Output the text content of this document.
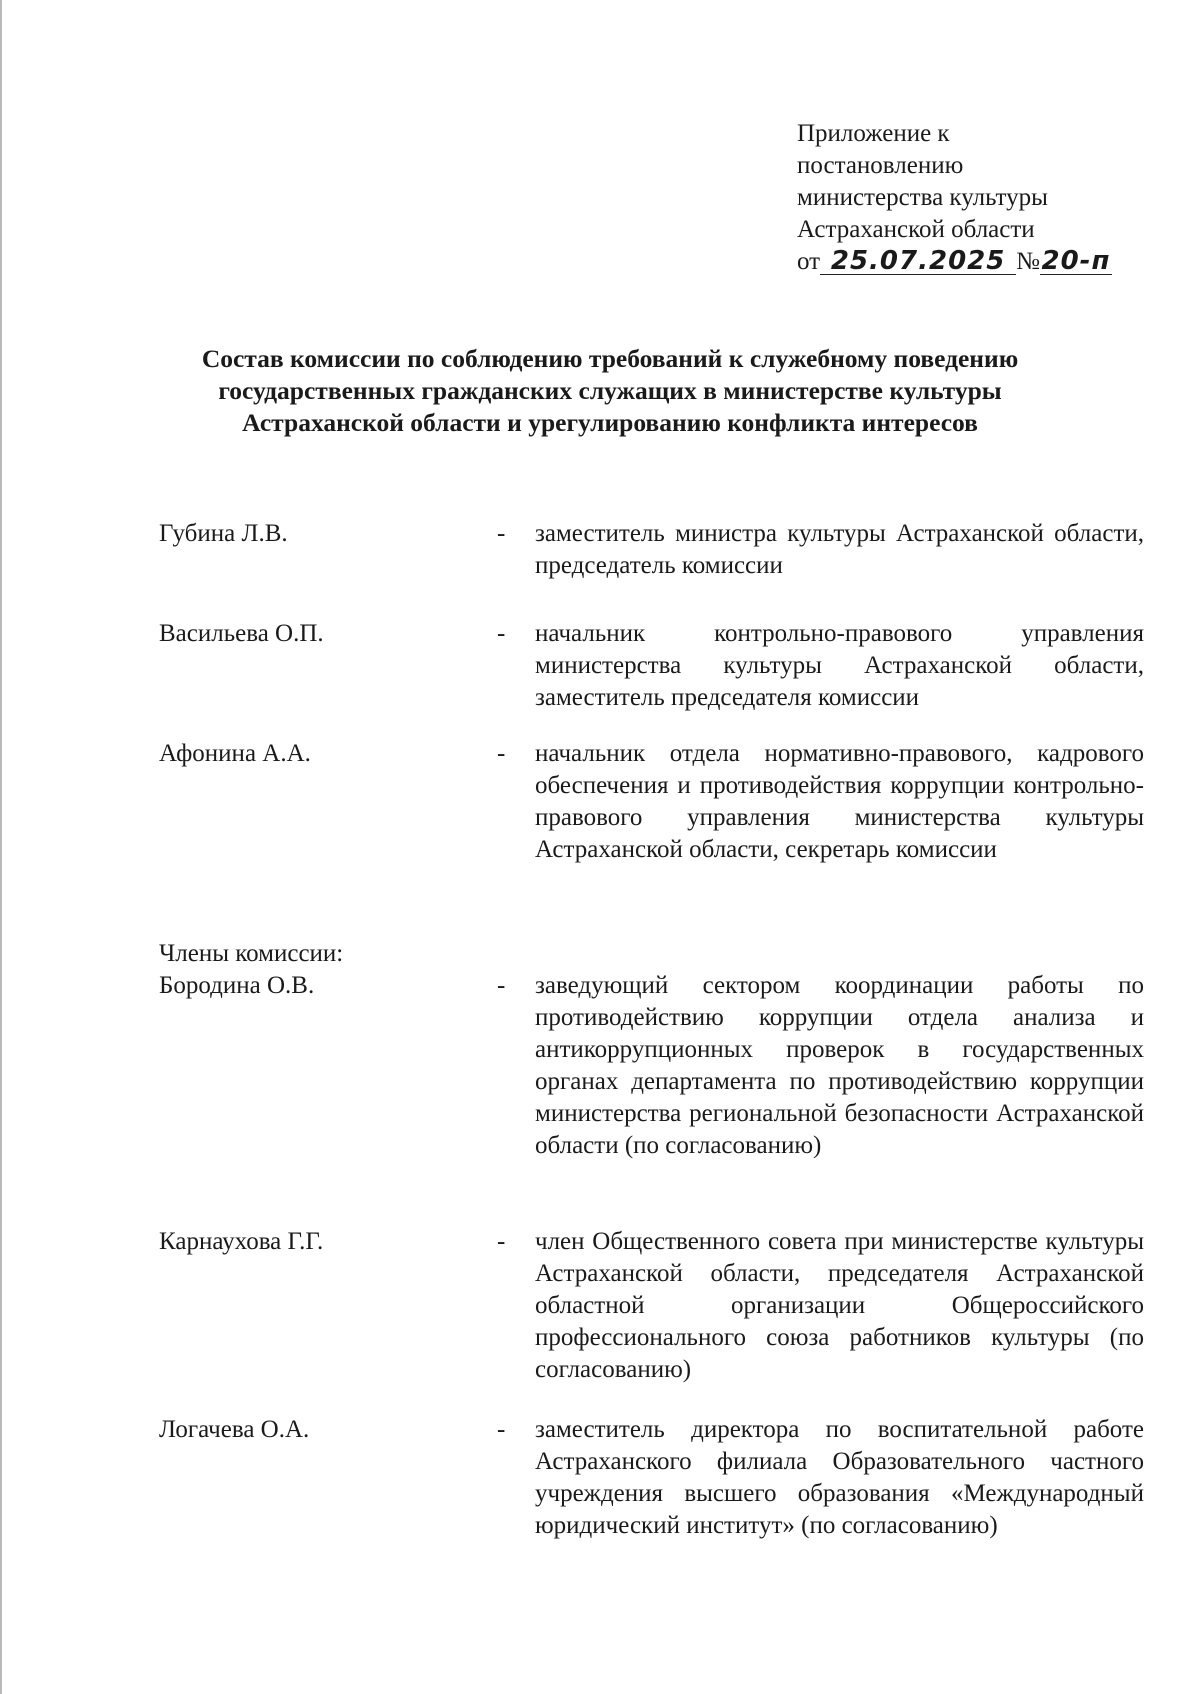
Приложение к
постановлению
министерства культуры
Астраханской области
от 25.07.2025 №20-п
Состав комиссии по соблюдению требований к служебному поведению
государственных гражданских служащих в министерстве культуры
Астраханской области и урегулированию конфликта интересов
Губина Л.В.	- заместитель министра культуры Астраханской области, председатель комиссии
Васильева О.П.	- начальник контрольно-правового управления министерства культуры Астраханской области, заместитель председателя комиссии
Афонина А.А.	- начальник отдела нормативно-правового, кадрового обеспечения и противодействия коррупции контрольно-правового управления министерства культуры Астраханской области, секретарь комиссии
Члены комиссии:
Бородина О.В.	- заведующий сектором координации работы по противодействию коррупции отдела анализа и антикоррупционных проверок в государственных органах департамента по противодействию коррупции министерства региональной безопасности Астраханской области (по согласованию)
Карнаухова Г.Г.	- член Общественного совета при министерстве культуры Астраханской области, председателя Астраханской областной организации Общероссийского профессионального союза работников культуры (по согласованию)
Логачева О.А.	- заместитель директора по воспитательной работе Астраханского филиала Образовательного частного учреждения высшего образования «Международный юридический институт» (по согласованию)
